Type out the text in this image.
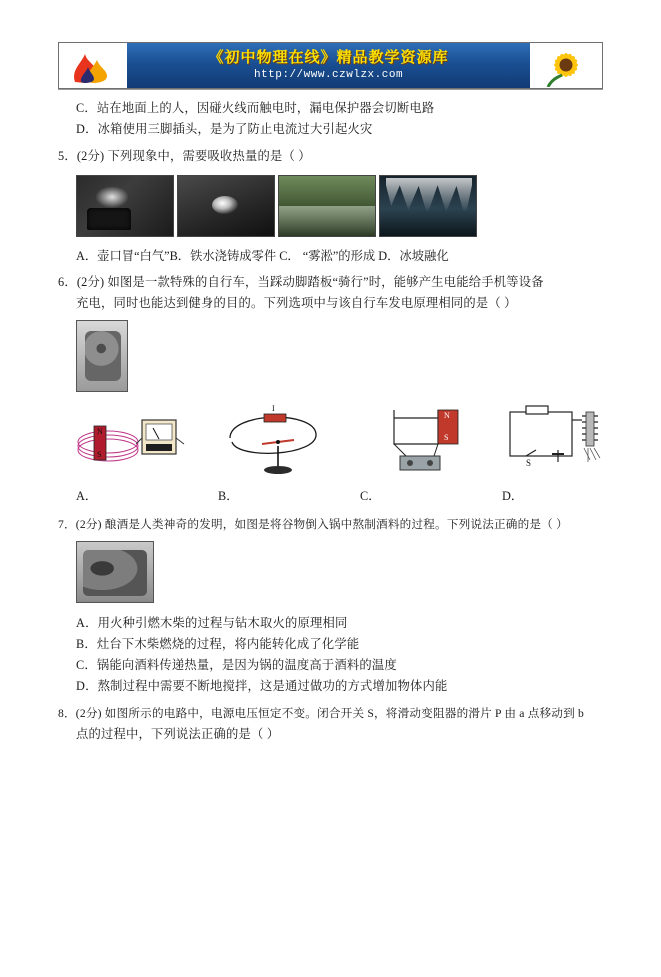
《初中物理在线》精品教学资源库
http://www.czwlzx.com
C．站在地面上的人，因碰火线而触电时，漏电保护器会切断电路
D．冰箱使用三脚插头，是为了防止电流过大引起火灾
5．(2分) 下列现象中，需要吸收热量的是（ ）
A．壶口冒“白气”B．铁水浇铸成零件 C． “雾淞”的形成 D．冰坡融化
6．(2分) 如图是一款特殊的自行车，当踩动脚踏板“骑行”时，能够产生电能给手机等设备
充电，同时也能达到健身的目的。下列选项中与该自行车发电原理相同的是（ ）
N
S
I
N
S
S
A．	B．	C．	D．
7．(2分) 酿酒是人类神奇的发明，如图是将谷物倒入锅中熬制酒料的过程。下列说法正确的是（ ）
A．用火种引燃木柴的过程与钻木取火的原理相同
B．灶台下木柴燃烧的过程，将内能转化成了化学能
C．锅能向酒料传递热量，是因为锅的温度高于酒料的温度
D．熬制过程中需要不断地搅拌，这是通过做功的方式增加物体内能
8．(2分) 如图所示的电路中，电源电压恒定不变。闭合开关 S，将滑动变阻器的滑片 P 由 a 点移动到 b
点的过程中，下列说法正确的是（ ）
